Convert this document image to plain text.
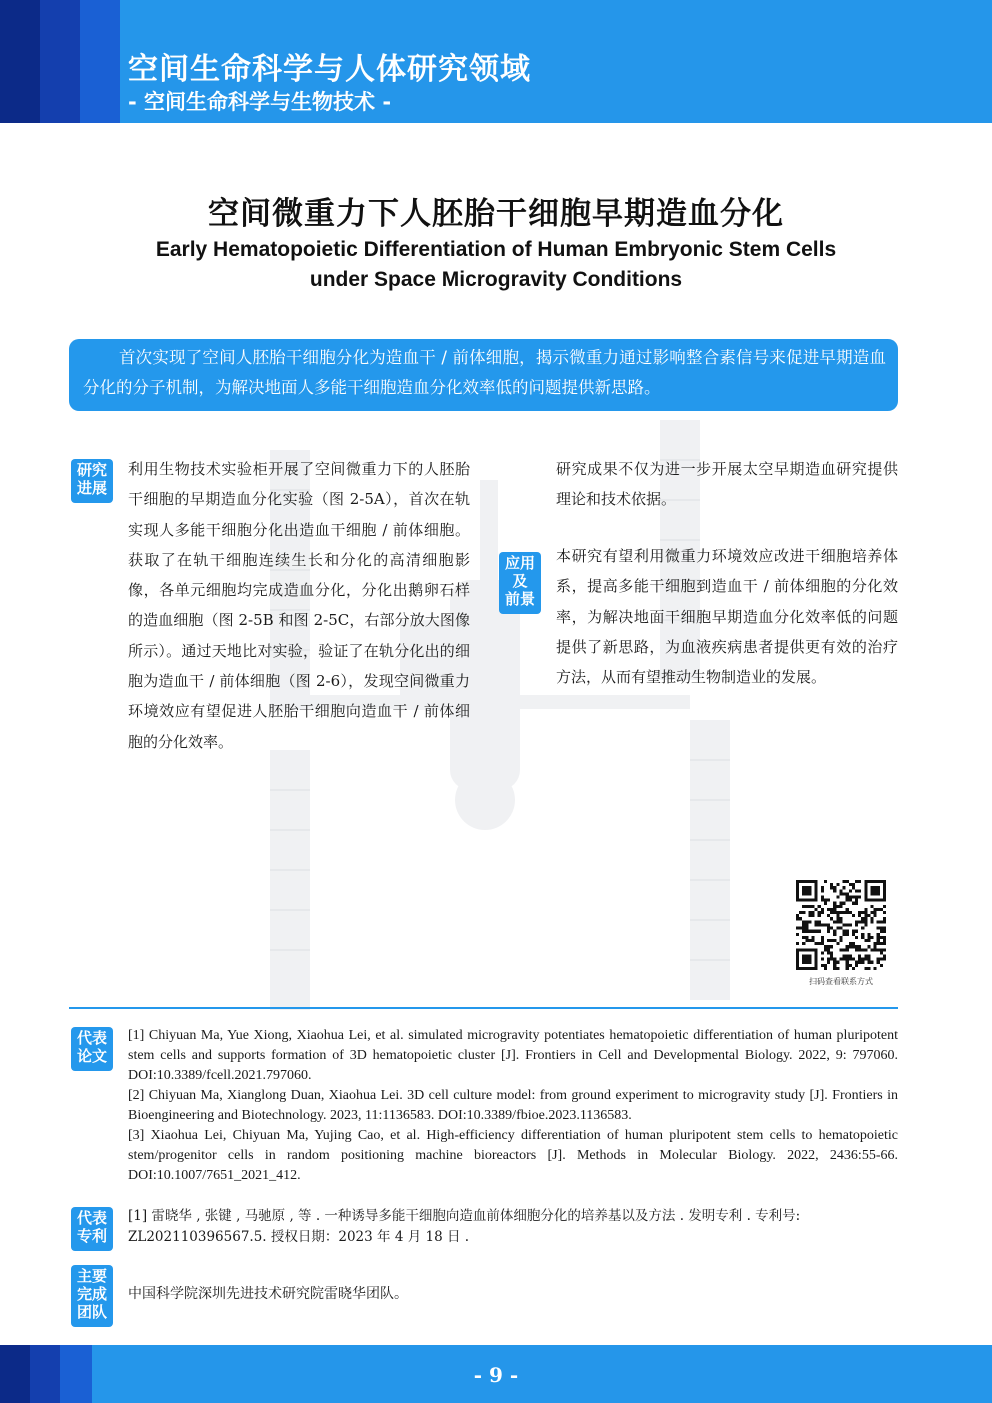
空间生命科学与人体研究领域
- 空间生命科学与生物技术 -
空间微重力下人胚胎干细胞早期造血分化
Early Hematopoietic Differentiation of Human Embryonic Stem Cells
under Space Microgravity Conditions
首次实现了空间人胚胎干细胞分化为造血干 / 前体细胞，揭示微重力通过影响整合素信号来促进早期造血分化的分子机制，为解决地面人多能干细胞造血分化效率低的问题提供新思路。
研究
进展
应用
及
前景
代表
论文
代表
专利
主要
完成
团队

利用生物技术实验柜开展了空间微重力下的人胚胎干细胞的早期造血分化实验（图 2-5A），首次在轨实现人多能干细胞分化出造血干细胞 / 前体细胞。获取了在轨干细胞连续生长和分化的高清细胞影像，各单元细胞均完成造血分化，分化出鹅卵石样的造血细胞（图 2-5B 和图 2-5C，右部分放大图像所示）。通过天地比对实验，验证了在轨分化出的细胞为造血干 / 前体细胞（图 2-6），发现空间微重力环境效应有望促进人胚胎干细胞向造血干 / 前体细胞的分化效率。

研究成果不仅为进一步开展太空早期造血研究提供理论和技术依据。

本研究有望利用微重力环境效应改进干细胞培养体系，提高多能干细胞到造血干 / 前体细胞的分化效率，为解决地面干细胞早期造血分化效率低的问题提供了新思路，为血液疾病患者提供更有效的治疗方法，从而有望推动生物制造业的发展。

扫码查看联系方式

[1] Chiyuan Ma, Yue Xiong, Xiaohua Lei, et al. simulated microgravity potentiates hematopoietic differentiation of human pluripotent stem cells and supports formation of 3D hematopoietic cluster [J]. Frontiers in Cell and Developmental Biology. 2022, 9: 797060. DOI:10.3389/fcell.2021.797060.

[2] Chiyuan Ma, Xianglong Duan, Xiaohua Lei. 3D cell culture model: from ground experiment to microgravity study [J]. Frontiers in Bioengineering and Biotechnology. 2023, 11:1136583. DOI:10.3389/fbioe.2023.1136583.

[3] Xiaohua Lei, Chiyuan Ma, Yujing Cao, et al. High-efficiency differentiation of human pluripotent stem cells to hematopoietic stem/progenitor cells in random positioning machine bioreactors [J]. Methods in Molecular Biology. 2022, 2436:55-66. DOI:10.1007/7651_2021_412.

[1] 雷晓华 , 张键 , 马驰原 , 等 . 一种诱导多能干细胞向造血前体细胞分化的培养基以及方法 . 发明专利 . 专利号: ZL202110396567.5. 授权日期：2023 年 4 月 18 日 .
中国科学院深圳先进技术研究院雷晓华团队。
- 9 -
